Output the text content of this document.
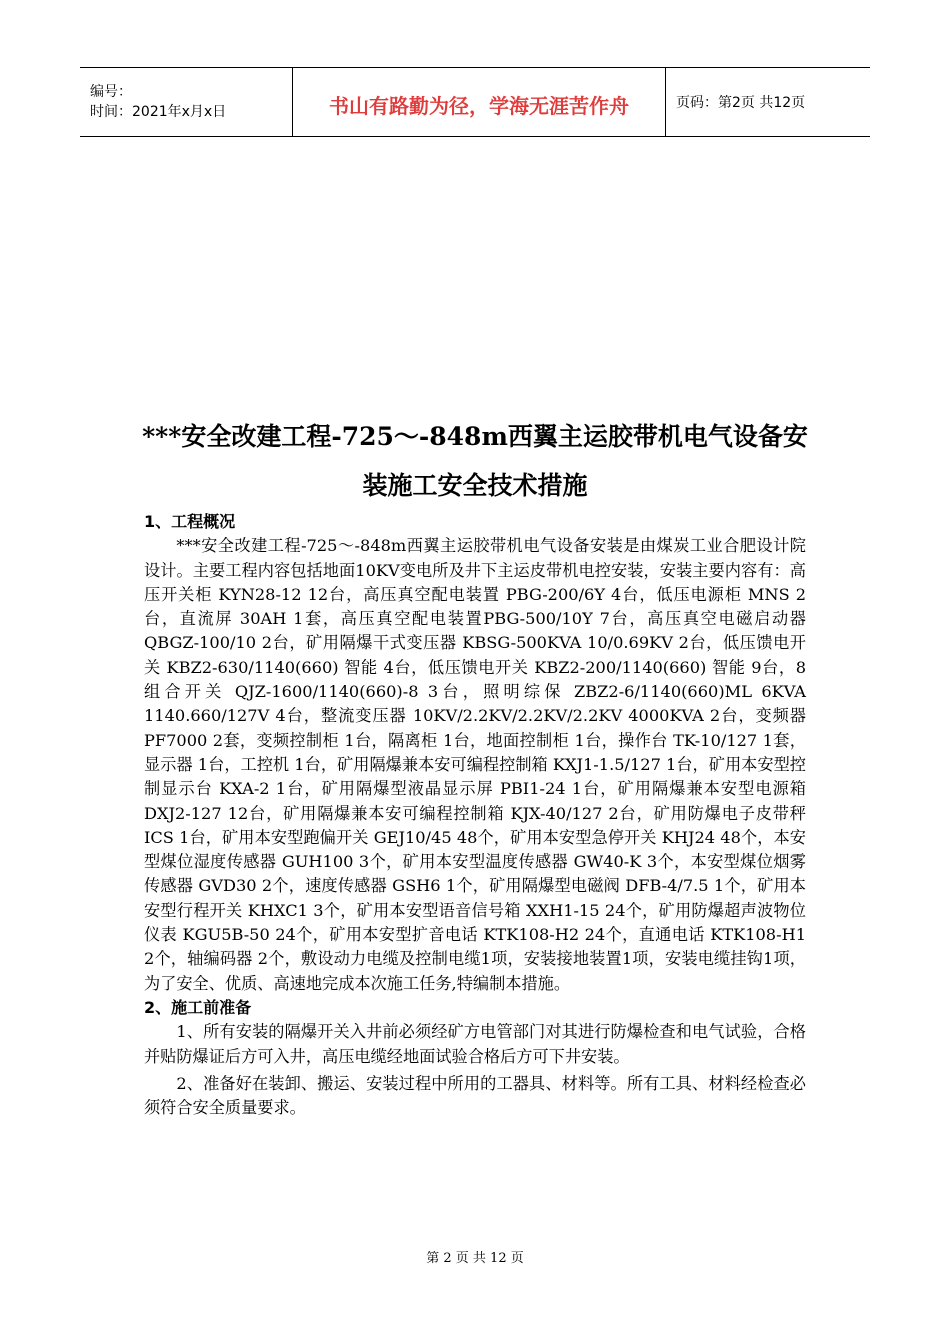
编号：
时间：2021年x月x日	书山有路勤为径，学海无涯苦作舟	页码：第2页 共12页
***安全改建工程-725～-848m西翼主运胶带机电气设备安
装施工安全技术措施
1、工程概况

***安全改建工程-725～-848m西翼主运胶带机电气设备安装是由煤炭工业合肥设计院设计。主要工程内容包括地面10KV变电所及井下主运皮带机电控安装，安装主要内容有：高压开关柜 KYN28-12 12台，高压真空配电装置 PBG-200/6Y 4台，低压电源柜 MNS 2台，直流屏 30AH 1套，高压真空配电装置PBG-500/10Y 7台，高压真空电磁启动器 QBGZ-100/10 2台，矿用隔爆干式变压器 KBSG-500KVA 10/0.69KV 2台，低压馈电开关 KBZ2-630/1140(660) 智能 4台，低压馈电开关 KBZ2-200/1140(660) 智能 9台，8组合开关 QJZ-1600/1140(660)-8 3台，照明综保 ZBZ2-6/1140(660)ML 6KVA 1140.660/127V 4台，整流变压器 10KV/2.2KV/2.2KV/2.2KV 4000KVA 2台，变频器 PF7000 2套，变频控制柜 1台，隔离柜 1台，地面控制柜 1台，操作台 TK-10/127 1套，显示器 1台，工控机 1台，矿用隔爆兼本安可编程控制箱 KXJ1-1.5/127 1台，矿用本安型控制显示台 KXA-2 1台，矿用隔爆型液晶显示屏 PBI1-24 1台，矿用隔爆兼本安型电源箱 DXJ2-127 12台，矿用隔爆兼本安可编程控制箱 KJX-40/127 2台，矿用防爆电子皮带秤 ICS 1台，矿用本安型跑偏开关 GEJ10/45 48个，矿用本安型急停开关 KHJ24 48个，本安型煤位湿度传感器 GUH100 3个，矿用本安型温度传感器 GW40-K 3个，本安型煤位烟雾传感器 GVD30 2个，速度传感器 GSH6 1个，矿用隔爆型电磁阀 DFB-4/7.5 1个，矿用本安型行程开关 KHXC1 3个，矿用本安型语音信号箱 XXH1-15 24个，矿用防爆超声波物位仪表 KGU5B-50 24个，矿用本安型扩音电话 KTK108-H2 24个，直通电话 KTK108-H1 2个，轴编码器 2个，敷设动力电缆及控制电缆1项，安装接地装置1项，安装电缆挂钩1项，为了安全、优质、高速地完成本次施工任务,特编制本措施。

2、施工前准备

1、所有安装的隔爆开关入井前必须经矿方电管部门对其进行防爆检查和电气试验，合格并贴防爆证后方可入井，高压电缆经地面试验合格后方可下井安装。

2、准备好在装卸、搬运、安装过程中所用的工器具、材料等。所有工具、材料经检查必须符合安全质量要求。

第 2 页 共 12 页
